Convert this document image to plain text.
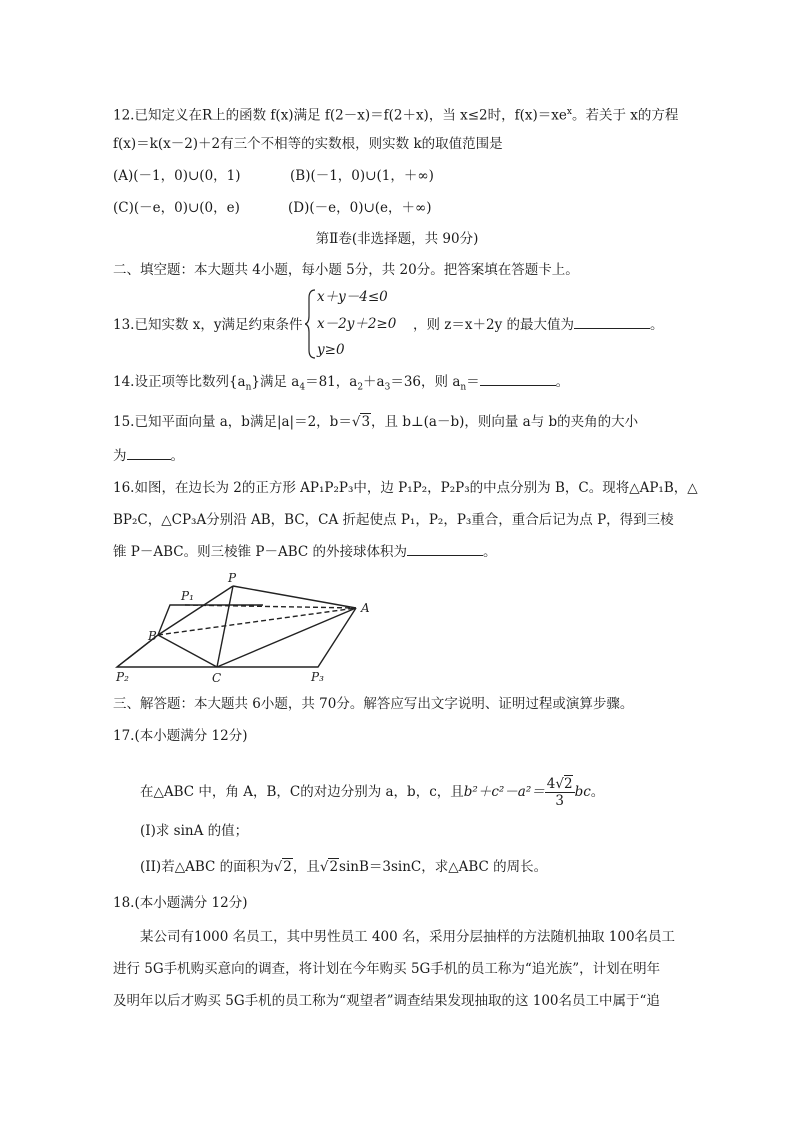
12.已知定义在R上的函数 f(x)满足 f(2－x)＝f(2＋x)，当 x≤2时，$f(x)=xe^x$。若关于 x的方程
f(x)＝k(x－2)＋2有三个不相等的实数根，则实数 k的取值范围是
(A)(－1，0)∪(0，1)	(B)(－1，0)∪(1，＋∞)
(C)(－e，0)∪(0，e)	(D)(－e，0)∪(e，＋∞)
第Ⅱ卷(非选择题，共 90分)
二、填空题：本大题共 4小题，每小题 5分，共 20分。把答案填在答题卡上。
13.已知实数 x，y满足约束条件
x＋y－4≤0
x－2y＋2≥0
y≥0
，则 z＝x＋2y 的最大值为	。
14.设正项等比数列$\{a_n\}$满足 $a_4=81$，$a_2+a_3=36$，则 $a_n=$	。
15.已知平面向量 a，b满足|a|＝2，b＝√3，且 b⊥(a－b)，则向量 a与 b的夹角的大小
为	。
16.如图，在边长为 2的正方形 AP₁P₂P₃中，边 P₁P₂，P₂P₃的中点分别为 B，C。现将△AP₁B，△
BP₂C，△CP₃A分别沿 AB，BC，CA 折起使点 P₁，P₂，P₃重合，重合后记为点 P，得到三棱
锥 P－ABC。则三棱锥 P－ABC 的外接球体积为	。
P
P₁
B
A
P₂	C	P₃
三、解答题：本大题共 6小题，共 70分。解答应写出文字说明、证明过程或演算步骤。
17.(本小题满分 12分)
在△ABC 中，角 A，B，C的对边分别为 a，b，c，且$b^2+c^2-a^2= \frac{4√2}{3}$ bc。
(I)求 sinA 的值；
(II)若△ABC 的面积为√2，且√2sinB＝3sinC，求△ABC 的周长。
18.(本小题满分 12分)
某公司有1000 名员工，其中男性员工 400 名，采用分层抽样的方法随机抽取 100名员工
进行 5G手机购买意向的调查，将计划在今年购买 5G手机的员工称为“追光族”，计划在明年
及明年以后才购买 5G手机的员工称为“观望者”调查结果发现抽取的这 100名员工中属于“追
